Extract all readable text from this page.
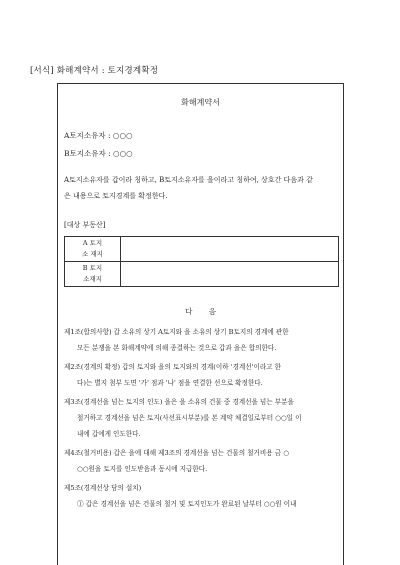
[서식] 화해계약서 : 토지경계확정
화해계약서
A토지소유자 : ○○○
B토지소유자 : ○○○
A토지소유자를 갑이라 칭하고, B토지소유자를 을이라고 칭하여, 상호간 다음과 같
은 내용으로 토지경계를 확정한다.
[대상 부동산]
A 토지
소 재지	

B 토지
소재지	

다 음
제1조(합의사항) 갑 소유의 상기 A토지와 을 소유의 상기 B토지의 경계에 관한
모든 분쟁을 본 화해계약에 의해 종결하는 것으로 갑과 을은 합의한다.
제2조(경계의 확정) 갑의 토지와 을의 토지와의 경계(이하 '경계선'이라고 한
다)는 별지 첨부 도면 '가' 점과 '나' 점을 연결한 선으로 확정한다.
제3조(경계선을 넘는 토지의 인도) 을은 을 소유의 건물 중 경계선을 넘는 부분을
철거하고 경계선을 넘은 토지(사선표시부분)를 본 계약 체결일로부터 ○○일 이
내에 갑에게 인도한다.
제4조(철거비용) 갑은 을에 대해 제3조의 경계선을 넘는 건물의 철거비용 금 ○
○○원을 토지를 인도받음과 동시에 지급한다.
제5조(경계선상 담의 설치)
① 갑은 경계선을 넘은 건물의 철거 및 토지인도가 완료된 날부터 ○○원 이내
